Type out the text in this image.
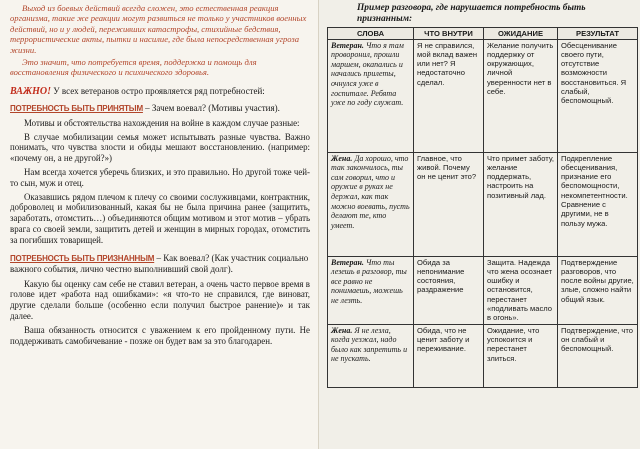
Выход из боевых действий всегда сложен, это естественная реакция организма, такие же реакции могут развиться не только у участников военных действий, но и у людей, переживших катастрофы, стихийные бедствия, террористические акты, пытки и насилие, где была непосредственная угроза жизни.

Это значит, что потребуется время, поддержка и помощь для восстановления физического и психического здоровья.

ВАЖНО! У всех ветеранов остро проявляется ряд потребностей:

ПОТРЕБНОСТЬ БЫТЬ ПРИНЯТЫМ – Зачем воевал? (Мотивы участия).

Мотивы и обстоятельства нахождения на войне в каждом случае разные:

В случае мобилизации семья может испытывать разные чувства. Важно понимать, что чувства злости и обиды мешают восстановлению. (например: «почему он, а не другой?»)

Нам всегда хочется уберечь близких, и это правильно. Но другой тоже чей-то сын, муж и отец.

Оказавшись рядом плечом к плечу со своими сослуживцами, контрактник, доброволец и мобилизованный, какая бы не была причина ранее (защитить, заработать, отомстить…) объединяются общим мотивом и этот мотив – убрать врага со своей земли, защитить детей и женщин в мирных городах, отомстить за погибших товарищей.

ПОТРЕБНОСТЬ БЫТЬ ПРИЗНАННЫМ – Как воевал? (Как участник социально важного события, лично честно выполнивший свой долг).

Какую бы оценку сам себе не ставил ветеран, а очень часто первое время в голове идет «работа над ошибками»: «я что-то не справился, где виноват, другие сделали больше (особенно если получил быстрое ранение)» и так далее.

Ваша обязанность относится с уважением к его пройденному пути. Не поддерживать самобичевание - позже он будет вам за это благодарен.

Пример разговора, где нарушается потребность быть признанным:

СЛОВА	ЧТО ВНУТРИ	ОЖИДАНИЕ	РЕЗУЛЬТАТ
Ветеран. Что я там проворонил, прошли маршем, окапались и начались прилеты, очнулся уже в госпитале. Ребята уже по году служат.	Я не справился, мой вклад важен или нет? Я недостаточно сделал.	Желание получить поддержку от окружающих, личной уверенности нет в себе.	Обесценивание своего пути, отсутствие возможности восстановиться. Я слабый, беспомощный.
Жена. Да хорошо, что так закончилось, ты сам говорил, что и оружие в руках не держал, как так можно воевать, пусть делают те, кто умеет.	Главное, что живой. Почему он не ценит это?	Что примет заботу, желание поддержать, настроить на позитивный лад.	Подкрепление обесценивания, признание его беспомощности, некомпетентности. Сравнение с другими, не в пользу мужа.
Ветеран. Что ты лезешь в разговор, ты все равно не понимаешь, можешь не лезть.	Обида за непонимание состояния, раздражение	Защита. Надежда что жена осознает ошибку и остановится, перестанет «подливать масло в огонь».	Подтверждение разговоров, что после войны другие, злые, сложно найти общий язык.
Жена. Я не лезла, когда уезжал, надо было как запретить и не пускать.	Обида, что не ценит заботу и переживание.	Ожидание, что успокоится и перестанет злиться.	Подтверждение, что он слабый и беспомощный.
